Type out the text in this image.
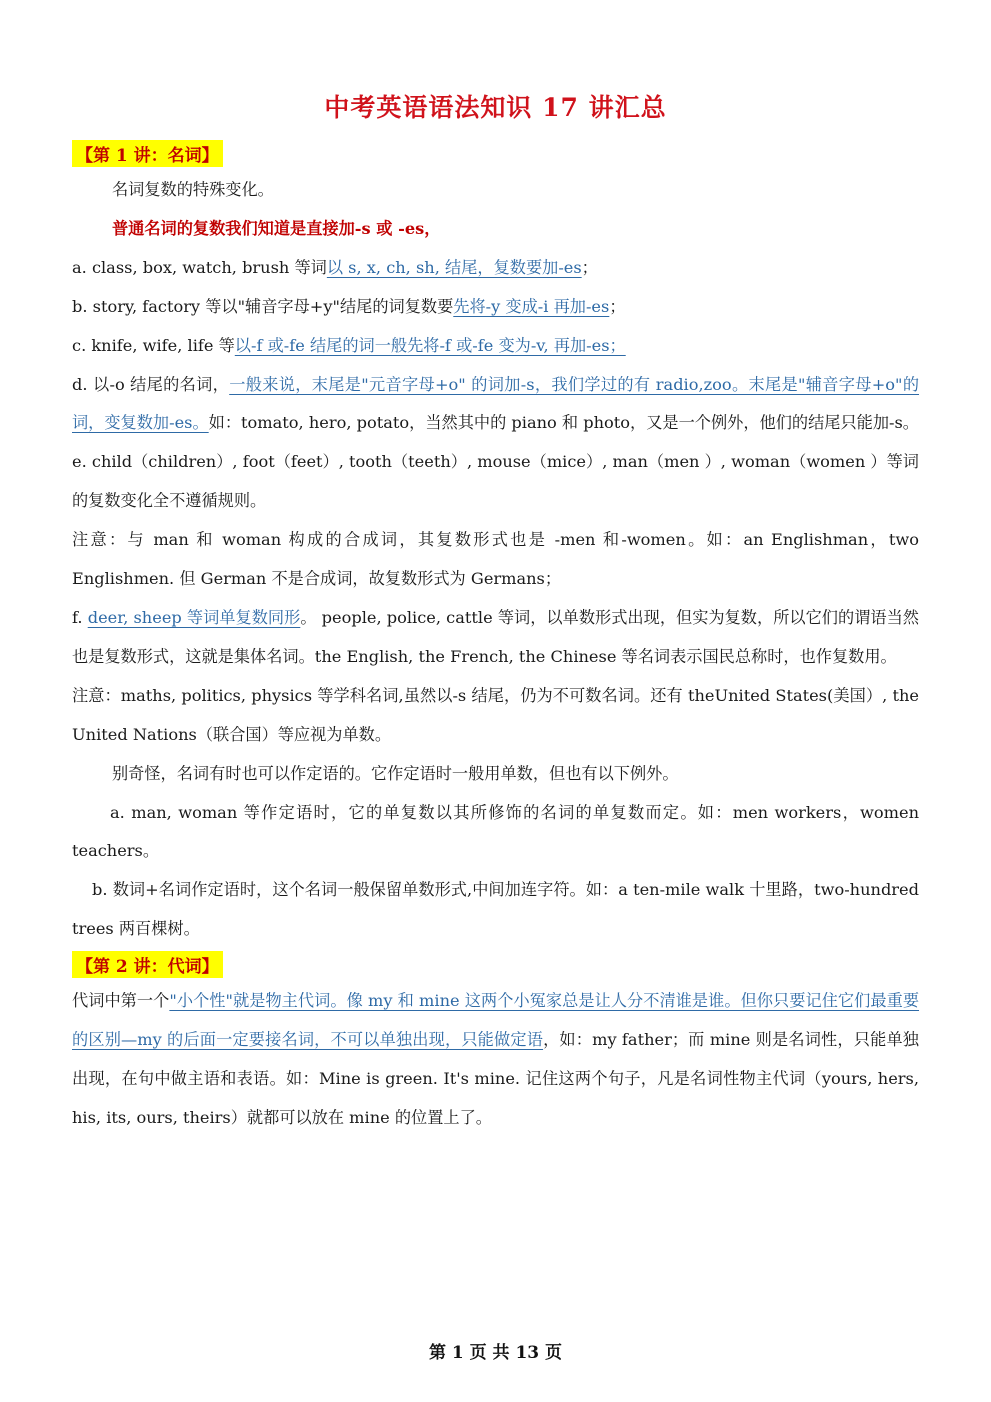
中考英语语法知识 17 讲汇总
【第 1 讲：名词】

名词复数的特殊变化。

普通名词的复数我们知道是直接加-s 或 -es，

a. class, box, watch, brush 等词以 s, x, ch, sh, 结尾，复数要加-es；

b. story, factory 等以"辅音字母+y"结尾的词复数要先将-y 变成-i 再加-es；

c. knife, wife, life 等以-f 或-fe 结尾的词一般先将-f 或-fe 变为-v, 再加-es；

d. 以-o 结尾的名词，一般来说，末尾是"元音字母+o" 的词加-s，我们学过的有 radio,zoo。末尾是"辅音字母+o"的词，变复数加-es。如：tomato, hero, potato，当然其中的 piano 和 photo，又是一个例外，他们的结尾只能加-s。

e. child（children）, foot（feet）, tooth（teeth）, mouse（mice）, man（men ）, woman（women ）等词的复数变化全不遵循规则。

注意：与 man 和 woman 构成的合成词，其复数形式也是 -men 和-women。如：an Englishman，two Englishmen. 但 German 不是合成词，故复数形式为 Germans；

f. deer, sheep 等词单复数同形。 people, police, cattle 等词，以单数形式出现，但实为复数，所以它们的谓语当然也是复数形式，这就是集体名词。the English, the French, the Chinese 等名词表示国民总称时，也作复数用。

注意：maths, politics, physics 等学科名词,虽然以-s 结尾，仍为不可数名词。还有 theUnited States(美国）, the United Nations（联合国）等应视为单数。

别奇怪，名词有时也可以作定语的。它作定语时一般用单数，但也有以下例外。

a. man, woman 等作定语时，它的单复数以其所修饰的名词的单复数而定。如：men workers，women teachers。

b. 数词+名词作定语时，这个名词一般保留单数形式,中间加连字符。如：a ten-mile walk 十里路，two-hundred trees 两百棵树。

【第 2 讲：代词】

代词中第一个"小个性"就是物主代词。像 my 和 mine 这两个小冤家总是让人分不清谁是谁。但你只要记住它们最重要的区别—my 的后面一定要接名词，不可以单独出现，只能做定语，如：my father；而 mine 则是名词性，只能单独出现，在句中做主语和表语。如：Mine is green. It's mine. 记住这两个句子，凡是名词性物主代词（yours, hers, his, its, ours, theirs）就都可以放在 mine 的位置上了。

第 1 页 共 13 页
